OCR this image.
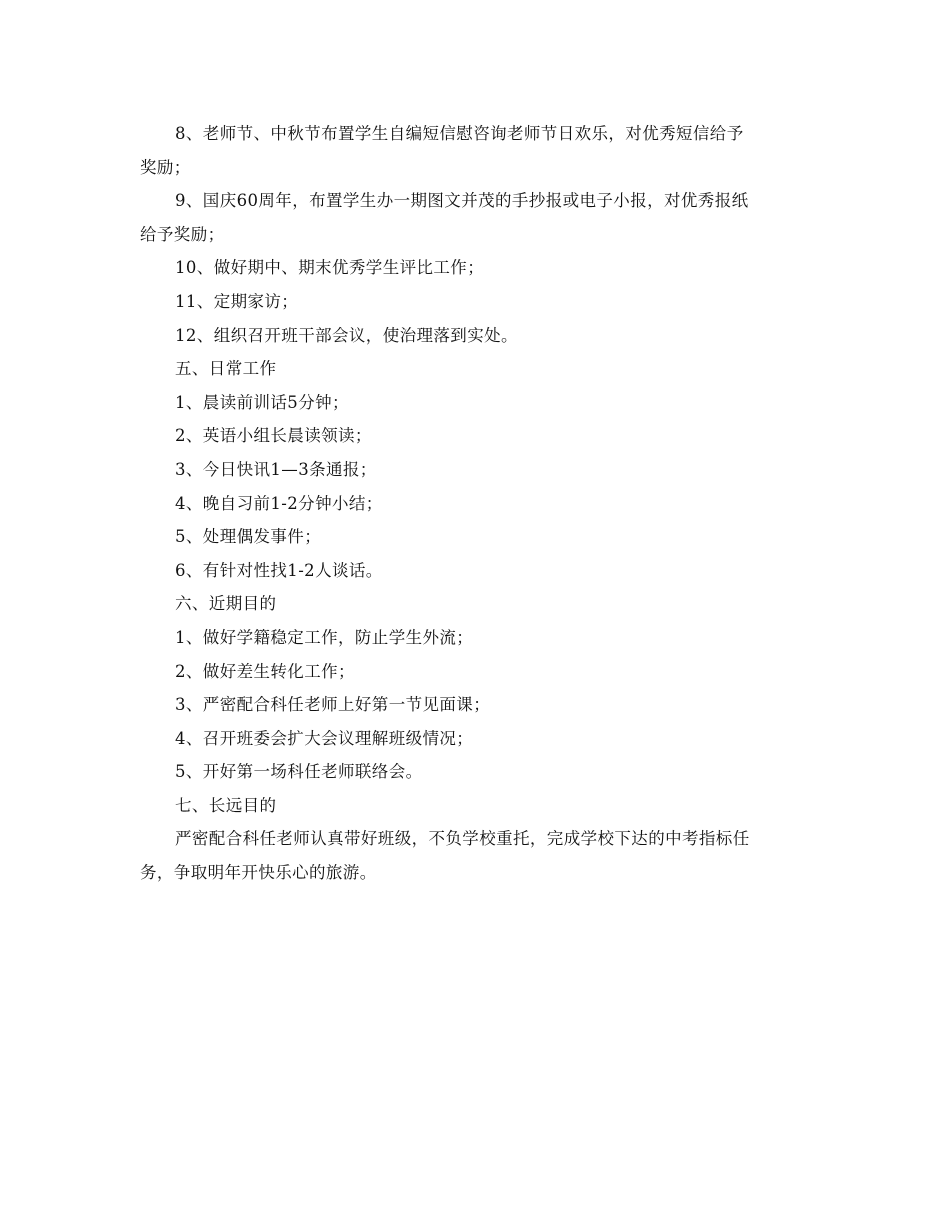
8、老师节、中秋节布置学生自编短信慰咨询老师节日欢乐，对优秀短信给予
奖励；
9、国庆60周年，布置学生办一期图文并茂的手抄报或电子小报，对优秀报纸
给予奖励；
10、做好期中、期末优秀学生评比工作；
11、定期家访；
12、组织召开班干部会议，使治理落到实处。
五、日常工作
1、晨读前训话5分钟；
2、英语小组长晨读领读；
3、今日快讯1—3条通报；
4、晚自习前1-2分钟小结；
5、处理偶发事件；
6、有针对性找1-2人谈话。
六、近期目的
1、做好学籍稳定工作，防止学生外流；
2、做好差生转化工作；
3、严密配合科任老师上好第一节见面课；
4、召开班委会扩大会议理解班级情况；
5、开好第一场科任老师联络会。
七、长远目的
严密配合科任老师认真带好班级，不负学校重托，完成学校下达的中考指标任
务，争取明年开快乐心的旅游。
